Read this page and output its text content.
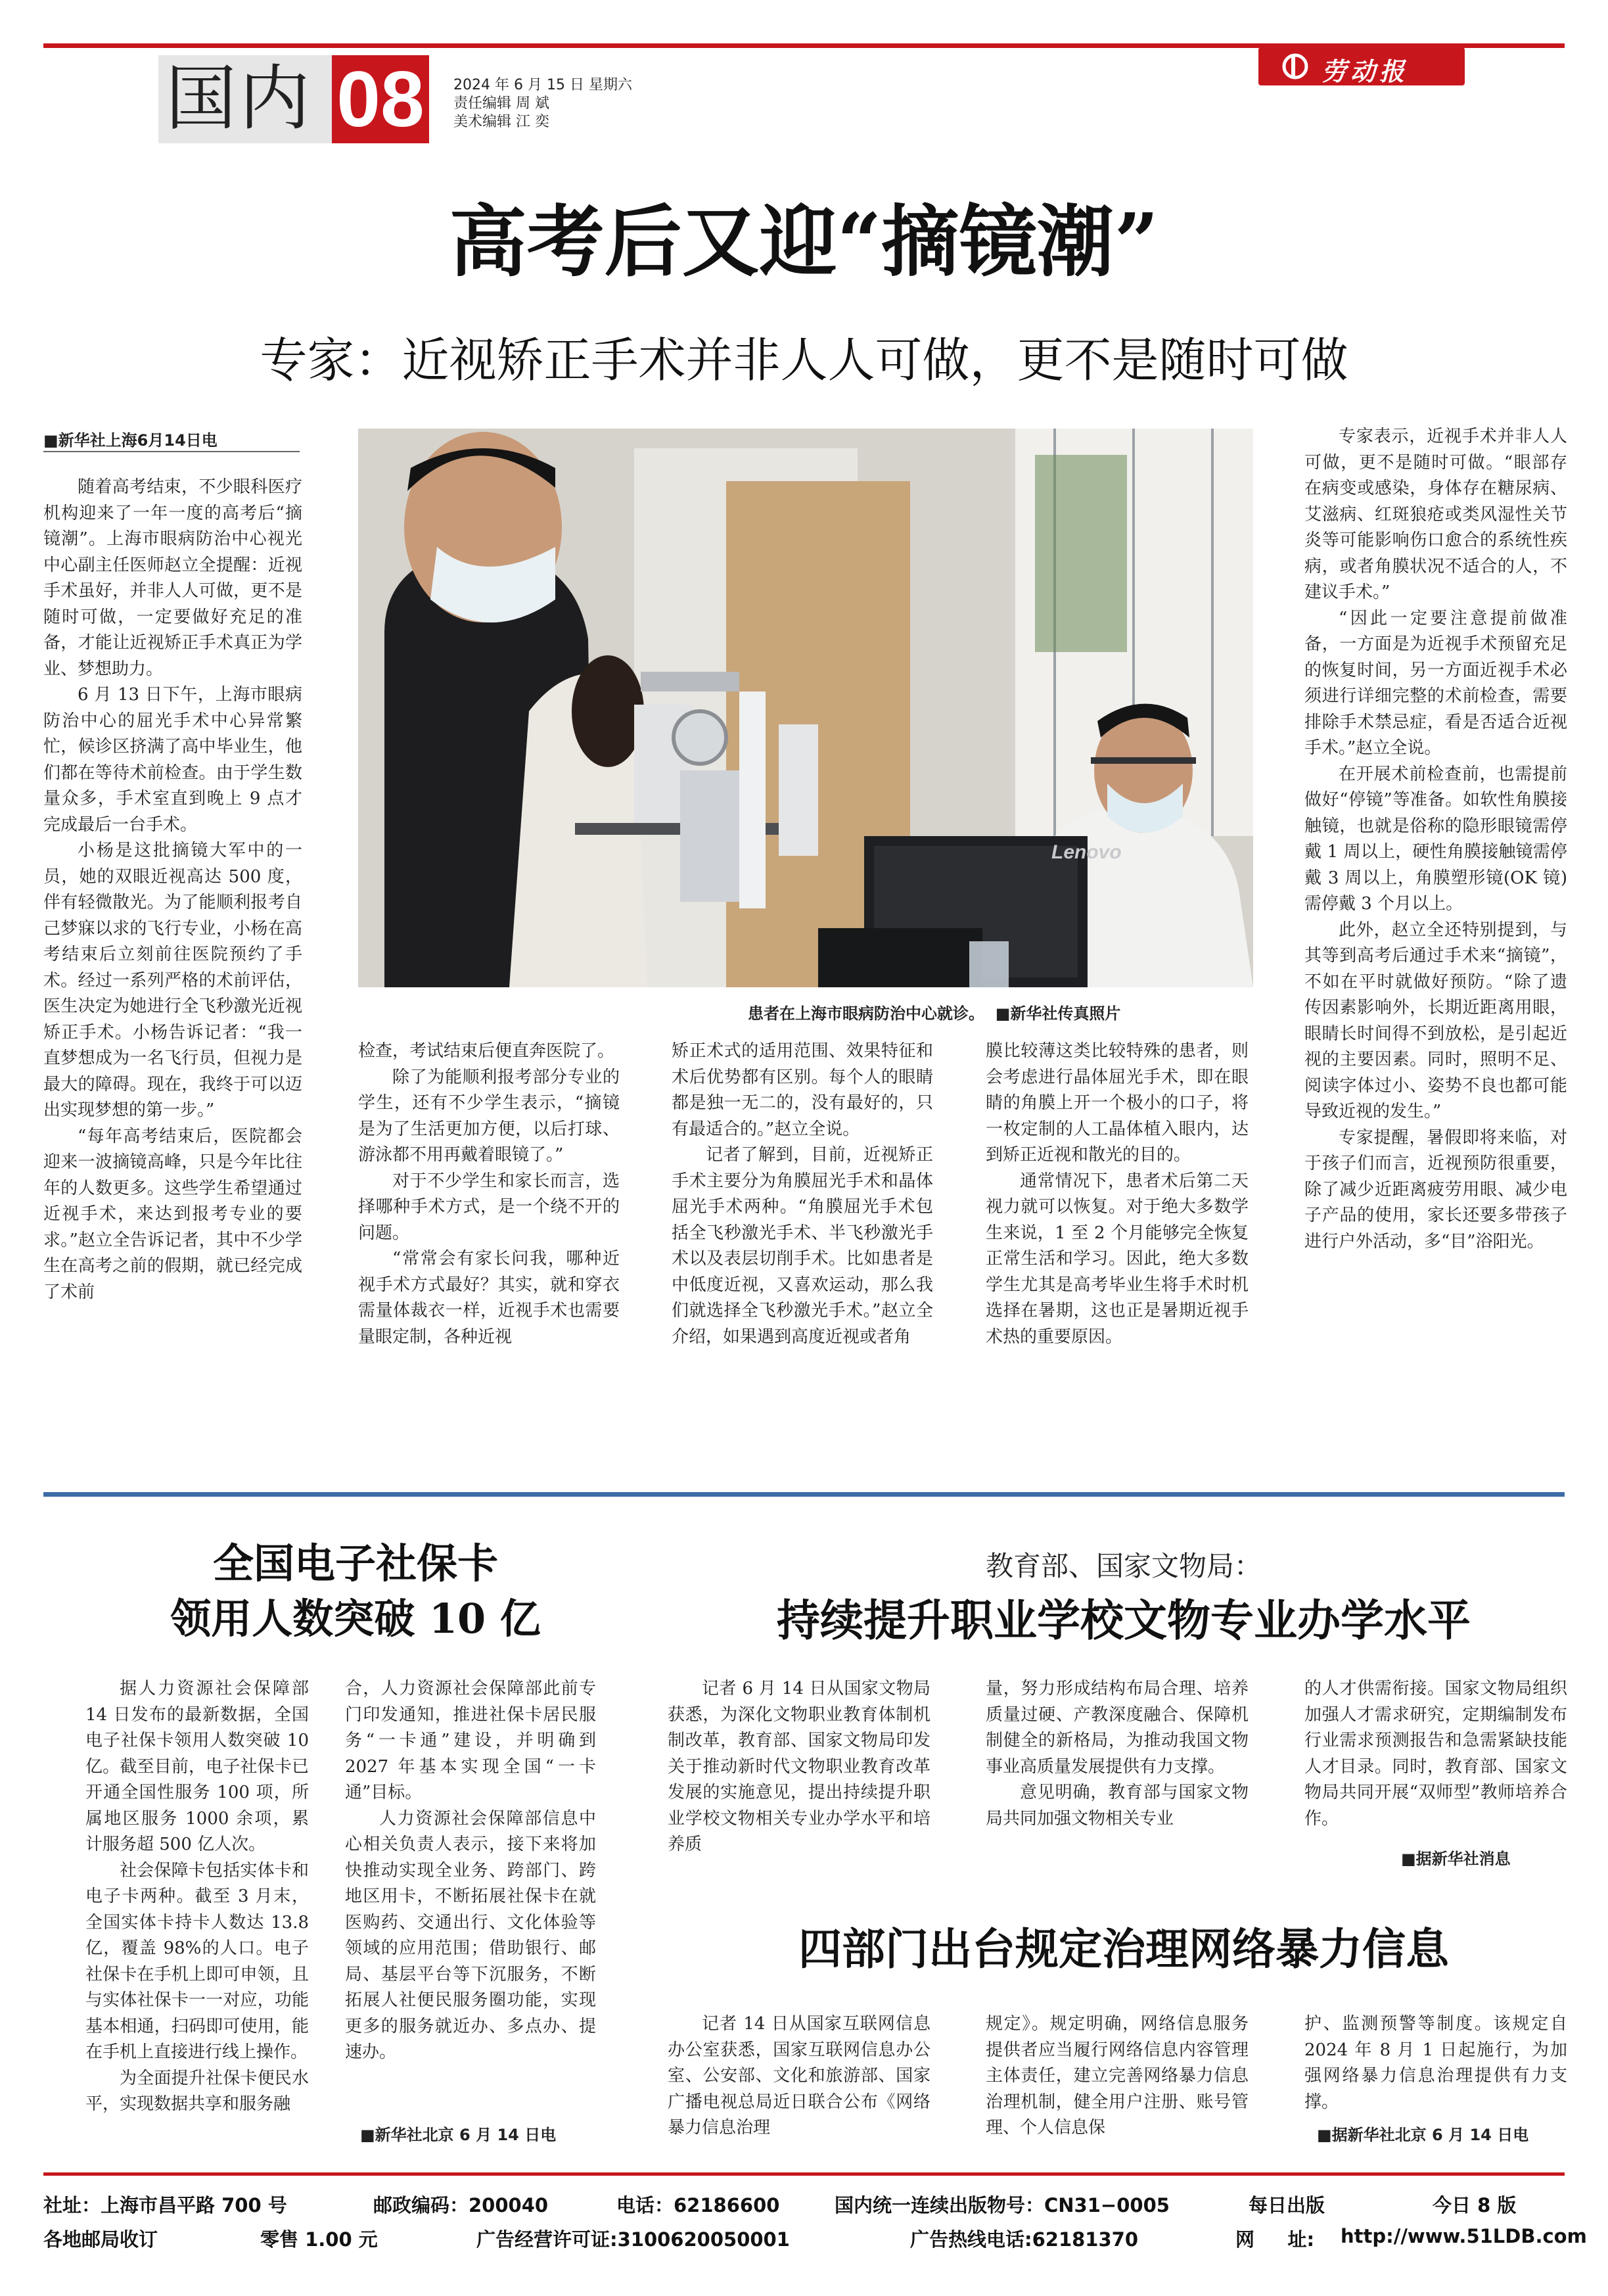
国内 08	2024 年 6 月 15 日 星期六
责任编辑 周 斌
美术编辑 江 奕
劳动报
高考后又迎“摘镜潮”
专家：近视矫正手术并非人人可做，更不是随时可做
■新华社上海6月14日电

随着高考结束，不少眼科医疗机构迎来了一年一度的高考后“摘镜潮”。上海市眼病防治中心视光中心副主任医师赵立全提醒：近视手术虽好，并非人人可做，更不是随时可做，一定要做好充足的准备，才能让近视矫正手术真正为学业、梦想助力。

6 月 13 日下午，上海市眼病防治中心的屈光手术中心异常繁忙，候诊区挤满了高中毕业生，他们都在等待术前检查。由于学生数量众多，手术室直到晚上 9 点才完成最后一台手术。

小杨是这批摘镜大军中的一员，她的双眼近视高达 500 度，伴有轻微散光。为了能顺利报考自己梦寐以求的飞行专业，小杨在高考结束后立刻前往医院预约了手术。经过一系列严格的术前评估，医生决定为她进行全飞秒激光近视矫正手术。小杨告诉记者：“我一直梦想成为一名飞行员，但视力是最大的障碍。现在，我终于可以迈出实现梦想的第一步。”

“每年高考结束后，医院都会迎来一波摘镜高峰，只是今年比往年的人数更多。这些学生希望通过近视手术，来达到报考专业的要求。”赵立全告诉记者，其中不少学生在高考之前的假期，就已经完成了术前

Lenovo
患者在上海市眼病防治中心就诊。  ■新华社传真照片

检查，考试结束后便直奔医院了。

除了为能顺利报考部分专业的学生，还有不少学生表示，“摘镜是为了生活更加方便，以后打球、游泳都不用再戴着眼镜了。”

对于不少学生和家长而言，选择哪种手术方式，是一个绕不开的问题。

“常常会有家长问我，哪种近视手术方式最好？其实，就和穿衣需量体裁衣一样，近视手术也需要量眼定制，各种近视

矫正术式的适用范围、效果特征和术后优势都有区别。每个人的眼睛都是独一无二的，没有最好的，只有最适合的。”赵立全说。

记者了解到，目前，近视矫正手术主要分为角膜屈光手术和晶体屈光手术两种。“角膜屈光手术包括全飞秒激光手术、半飞秒激光手术以及表层切削手术。比如患者是中低度近视，又喜欢运动，那么我们就选择全飞秒激光手术。”赵立全介绍，如果遇到高度近视或者角

膜比较薄这类比较特殊的患者，则会考虑进行晶体屈光手术，即在眼睛的角膜上开一个极小的口子，将一枚定制的人工晶体植入眼内，达到矫正近视和散光的目的。

通常情况下，患者术后第二天视力就可以恢复。对于绝大多数学生来说，1 至 2 个月能够完全恢复正常生活和学习。因此，绝大多数学生尤其是高考毕业生将手术时机选择在暑期，这也正是暑期近视手术热的重要原因。

专家表示，近视手术并非人人可做，更不是随时可做。“眼部存在病变或感染，身体存在糖尿病、艾滋病、红斑狼疮或类风湿性关节炎等可能影响伤口愈合的系统性疾病，或者角膜状况不适合的人，不建议手术。”

“因此一定要注意提前做准备，一方面是为近视手术预留充足的恢复时间，另一方面近视手术必须进行详细完整的术前检查，需要排除手术禁忌症，看是否适合近视手术。”赵立全说。

在开展术前检查前，也需提前做好“停镜”等准备。如软性角膜接触镜，也就是俗称的隐形眼镜需停戴 1 周以上，硬性角膜接触镜需停戴 3 周以上，角膜塑形镜(OK 镜)需停戴 3 个月以上。

此外，赵立全还特别提到，与其等到高考后通过手术来“摘镜”，不如在平时就做好预防。“除了遗传因素影响外，长期近距离用眼，眼睛长时间得不到放松，是引起近视的主要因素。同时，照明不足、阅读字体过小、姿势不良也都可能导致近视的发生。”

专家提醒，暑假即将来临，对于孩子们而言，近视预防很重要，除了减少近距离疲劳用眼、减少电子产品的使用，家长还要多带孩子进行户外活动，多“目”浴阳光。

全国电子社保卡
领用人数突破 10 亿

据人力资源社会保障部 14 日发布的最新数据，全国电子社保卡领用人数突破 10 亿。截至目前，电子社保卡已开通全国性服务 100 项，所属地区服务 1000 余项，累计服务超 500 亿人次。

社会保障卡包括实体卡和电子卡两种。截至 3 月末，全国实体卡持卡人数达 13.8 亿，覆盖 98%的人口。电子社保卡在手机上即可申领，且与实体社保卡一一对应，功能基本相通，扫码即可使用，能在手机上直接进行线上操作。

为全面提升社保卡便民水平，实现数据共享和服务融

合，人力资源社会保障部此前专门印发通知，推进社保卡居民服务“一卡通”建设，并明确到 2027 年基本实现全国“一卡通”目标。

人力资源社会保障部信息中心相关负责人表示，接下来将加快推动实现全业务、跨部门、跨地区用卡，不断拓展社保卡在就医购药、交通出行、文化体验等领域的应用范围；借助银行、邮局、基层平台等下沉服务，不断拓展人社便民服务圈功能，实现更多的服务就近办、多点办、提速办。

■新华社北京 6 月 14 日电
教育部、国家文物局：
持续提升职业学校文物专业办学水平

记者 6 月 14 日从国家文物局获悉，为深化文物职业教育体制机制改革，教育部、国家文物局印发关于推动新时代文物职业教育改革发展的实施意见，提出持续提升职业学校文物相关专业办学水平和培养质

量，努力形成结构布局合理、培养质量过硬、产教深度融合、保障机制健全的新格局，为推动我国文物事业高质量发展提供有力支撑。

意见明确，教育部与国家文物局共同加强文物相关专业

的人才供需衔接。国家文物局组织加强人才需求研究，定期编制发布行业需求预测报告和急需紧缺技能人才目录。同时，教育部、国家文物局共同开展“双师型”教师培养合作。

■据新华社消息
四部门出台规定治理网络暴力信息

记者 14 日从国家互联网信息办公室获悉，国家互联网信息办公室、公安部、文化和旅游部、国家广播电视总局近日联合公布《网络暴力信息治理

规定》。规定明确，网络信息服务提供者应当履行网络信息内容管理主体责任，建立完善网络暴力信息治理机制，健全用户注册、账号管理、个人信息保

护、监测预警等制度。该规定自 2024 年 8 月 1 日起施行，为加强网络暴力信息治理提供有力支撑。

■据新华社北京 6 月 14 日电
社址：上海市昌平路 700 号	邮政编码：200040	电话：62186600	国内统一连续出版物号：CN31−0005	每日出版	今日 8 版
各地邮局收订	零售 1.00 元	广告经营许可证:3100620050001	广告热线电话:62181370	网     址: http://www.51LDB.com
